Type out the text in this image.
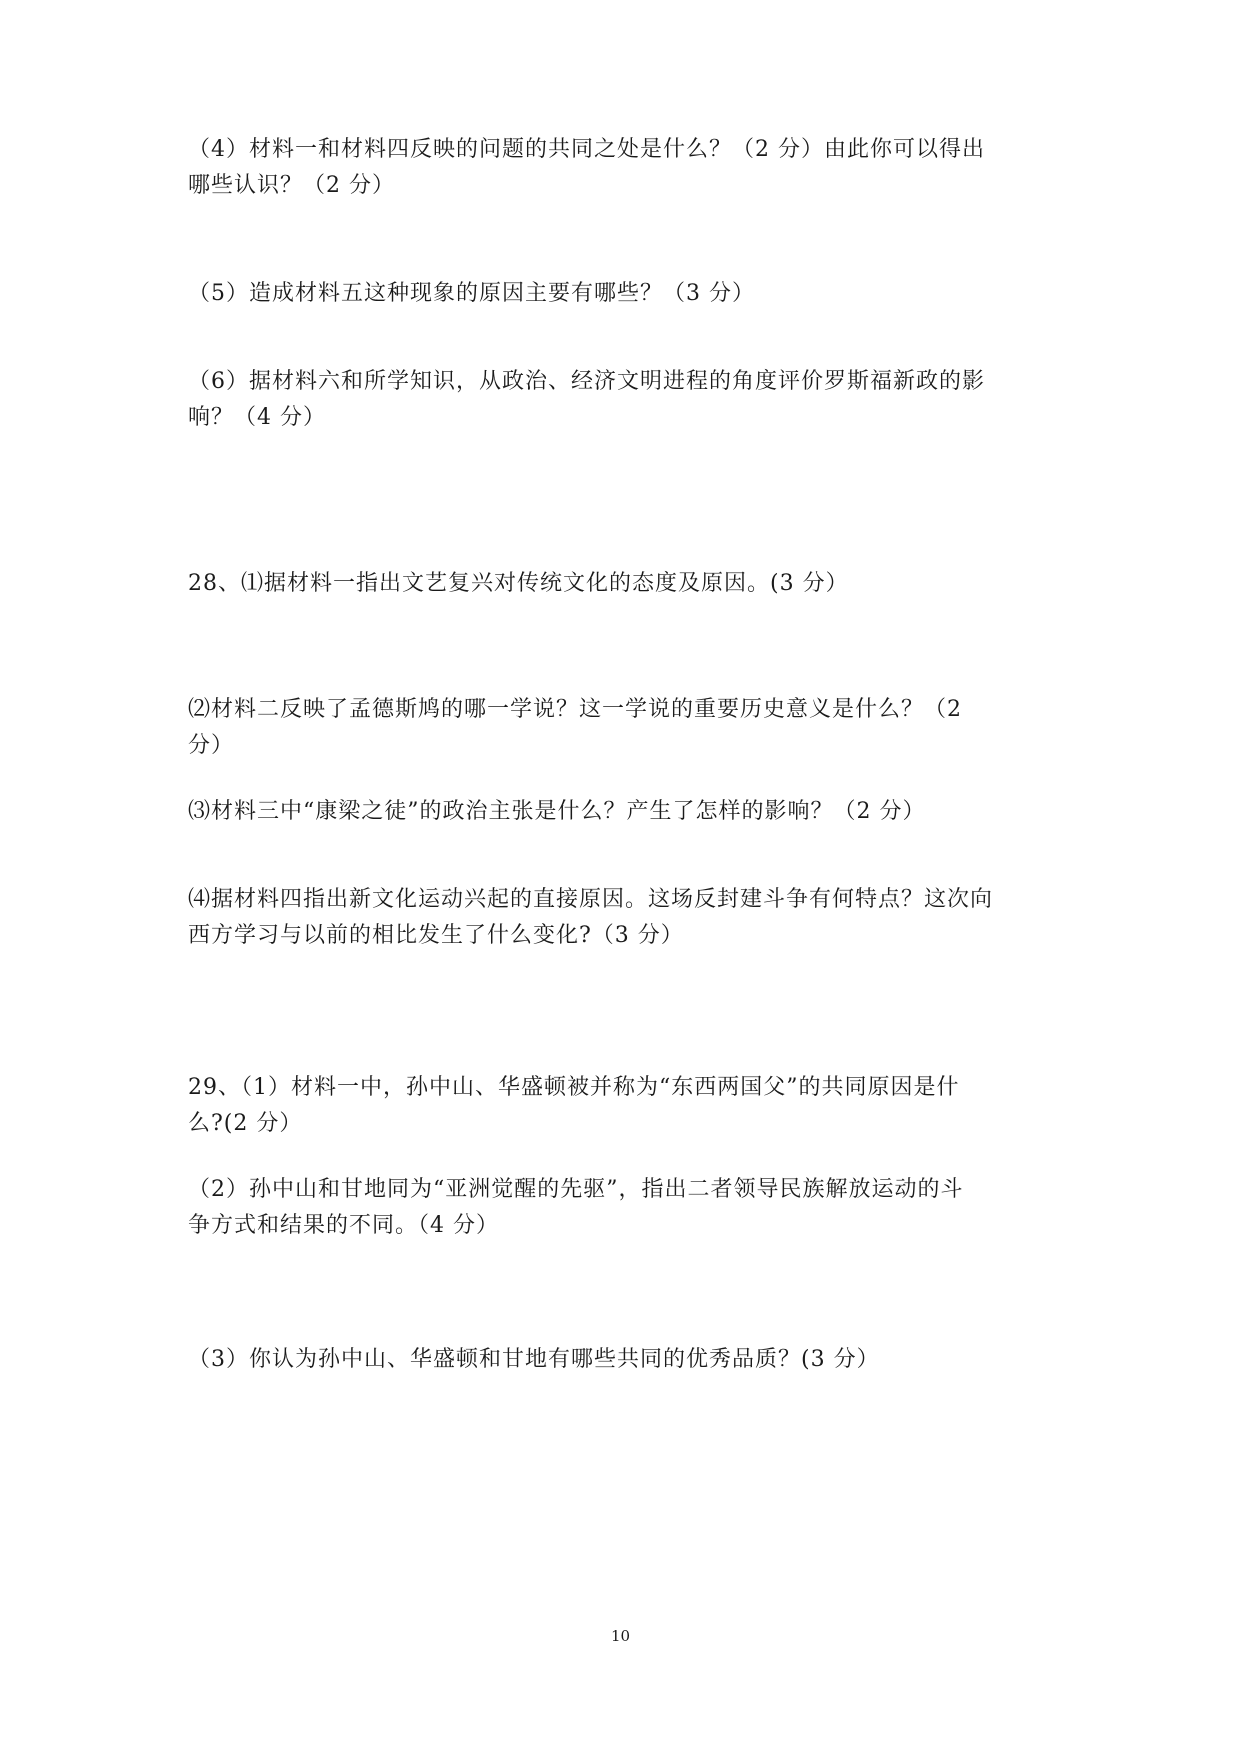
（4）材料一和材料四反映的问题的共同之处是什么？（2 分）由此你可以得出
哪些认识？（2 分）

（5）造成材料五这种现象的原因主要有哪些？（3 分）

（6）据材料六和所学知识，从政治、经济文明进程的角度评价罗斯福新政的影
响？（4 分）

28、⑴据材料一指出文艺复兴对传统文化的态度及原因。(3 分）

⑵材料二反映了孟德斯鸠的哪一学说？这一学说的重要历史意义是什么？（2
分）

⑶材料三中“康梁之徒”的政治主张是什么？产生了怎样的影响？（2 分）

⑷据材料四指出新文化运动兴起的直接原因。这场反封建斗争有何特点？这次向
西方学习与以前的相比发生了什么变化?（3 分）

29、（1）材料一中，孙中山、华盛顿被并称为“东西两国父”的共同原因是什
么?(2 分）

（2）孙中山和甘地同为“亚洲觉醒的先驱”，指出二者领导民族解放运动的斗
争方式和结果的不同。（4 分）

（3）你认为孙中山、华盛顿和甘地有哪些共同的优秀品质？(3 分）

10
